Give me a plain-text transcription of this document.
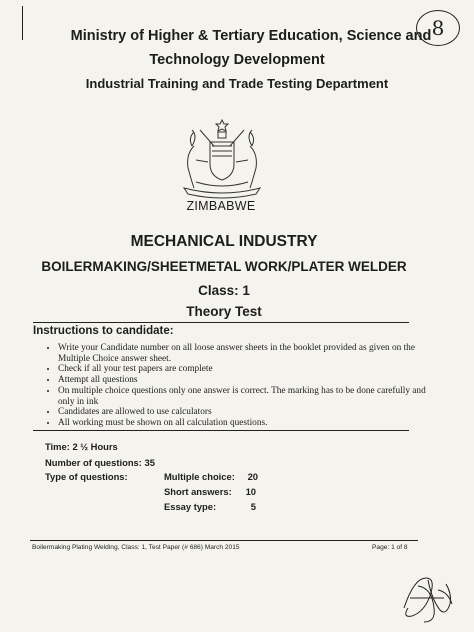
8
Ministry of Higher & Tertiary Education, Science and
Technology Development
Industrial Training and Trade Testing Department
ZIMBABWE
MECHANICAL INDUSTRY
BOILERMAKING/SHEETMETAL WORK/PLATER WELDER
Class: 1
Theory Test
Instructions to candidate:
• Write your Candidate number on all loose answer sheets in the booklet provided as given on the Multiple Choice answer sheet.
• Check if all your test papers are complete
• Attempt all questions
• On multiple choice questions only one answer is correct. The marking has to be done carefully and only in ink
• Candidates are allowed to use calculators
• All working must be shown on all calculation questions.
Time: 2 ½ Hours
Number of questions: 35
Type of questions:	Multiple choice:	20
Short answers:	10
Essay type:	5
Boilermaking Plating Welding, Class: 1, Test Paper (# 686) March 2015	Page: 1 of 8
